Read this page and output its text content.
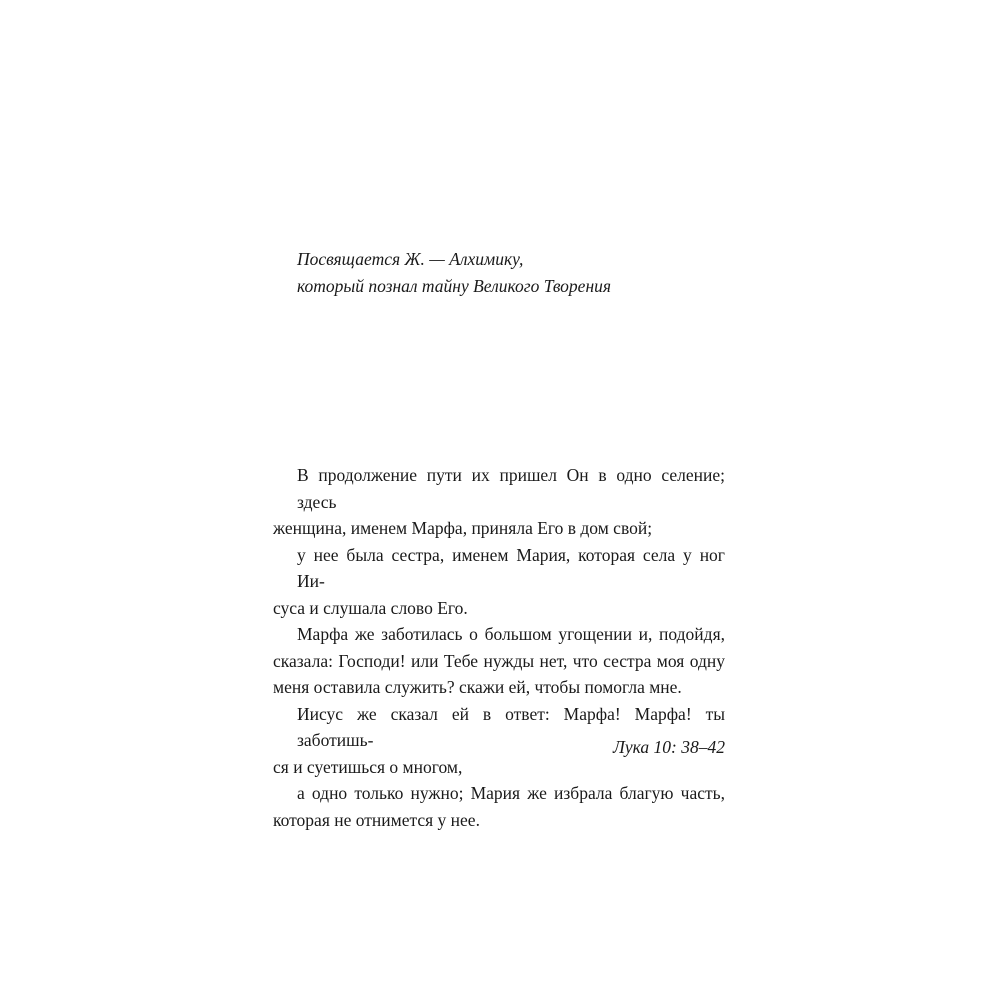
Посвящается Ж. — Алхимику,
который познал тайну Великого Творения
В продолжение пути их пришел Он в одно селение; здесь
женщина, именем Марфа, приняла Его в дом свой;
у нее была сестра, именем Мария, которая села у ног Ии-
суса и слушала слово Его.
Марфа же заботилась о большом угощении и, подойдя,
сказала: Господи! или Тебе нужды нет, что сестра моя одну
меня оставила служить? скажи ей, чтобы помогла мне.
Иисус же сказал ей в ответ: Марфа! Марфа! ты заботишь-
ся и суетишься о многом,
а одно только нужно; Мария же избрала благую часть,
которая не отнимется у нее.
Лука 10: 38–42
